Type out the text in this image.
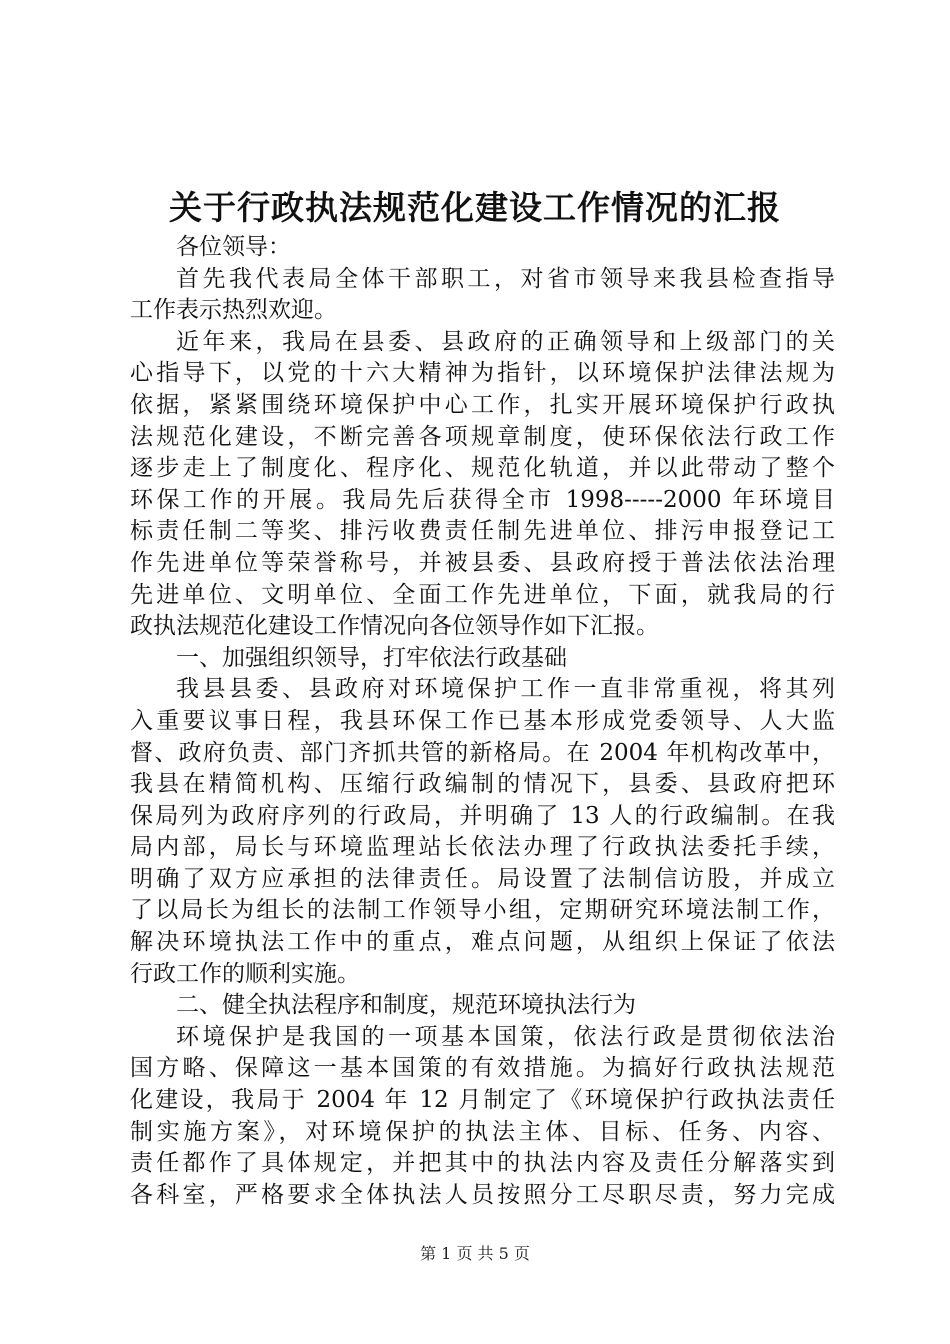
关于行政执法规范化建设工作情况的汇报
各位领导：
首先我代表局全体干部职工，对省市领导来我县检查指导
工作表示热烈欢迎。
近年来，我局在县委、县政府的正确领导和上级部门的关
心指导下，以党的十六大精神为指针，以环境保护法律法规为
依据，紧紧围绕环境保护中心工作，扎实开展环境保护行政执
法规范化建设，不断完善各项规章制度，使环保依法行政工作
逐步走上了制度化、程序化、规范化轨道，并以此带动了整个
环保工作的开展。我局先后获得全市 1998-----2000 年环境目
标责任制二等奖、排污收费责任制先进单位、排污申报登记工
作先进单位等荣誉称号，并被县委、县政府授于普法依法治理
先进单位、文明单位、全面工作先进单位，下面，就我局的行
政执法规范化建设工作情况向各位领导作如下汇报。
一、加强组织领导，打牢依法行政基础
我县县委、县政府对环境保护工作一直非常重视，将其列
入重要议事日程，我县环保工作已基本形成党委领导、人大监
督、政府负责、部门齐抓共管的新格局。在 2004 年机构改革中，
我县在精简机构、压缩行政编制的情况下，县委、县政府把环
保局列为政府序列的行政局，并明确了 13 人的行政编制。在我
局内部，局长与环境监理站长依法办理了行政执法委托手续，
明确了双方应承担的法律责任。局设置了法制信访股，并成立
了以局长为组长的法制工作领导小组，定期研究环境法制工作，
解决环境执法工作中的重点，难点问题，从组织上保证了依法
行政工作的顺利实施。
二、健全执法程序和制度，规范环境执法行为
环境保护是我国的一项基本国策，依法行政是贯彻依法治
国方略、保障这一基本国策的有效措施。为搞好行政执法规范
化建设，我局于 2004 年 12 月制定了《环境保护行政执法责任
制实施方案》，对环境保护的执法主体、目标、任务、内容、
责任都作了具体规定，并把其中的执法内容及责任分解落实到
各科室，严格要求全体执法人员按照分工尽职尽责，努力完成
第 1 页 共 5 页
